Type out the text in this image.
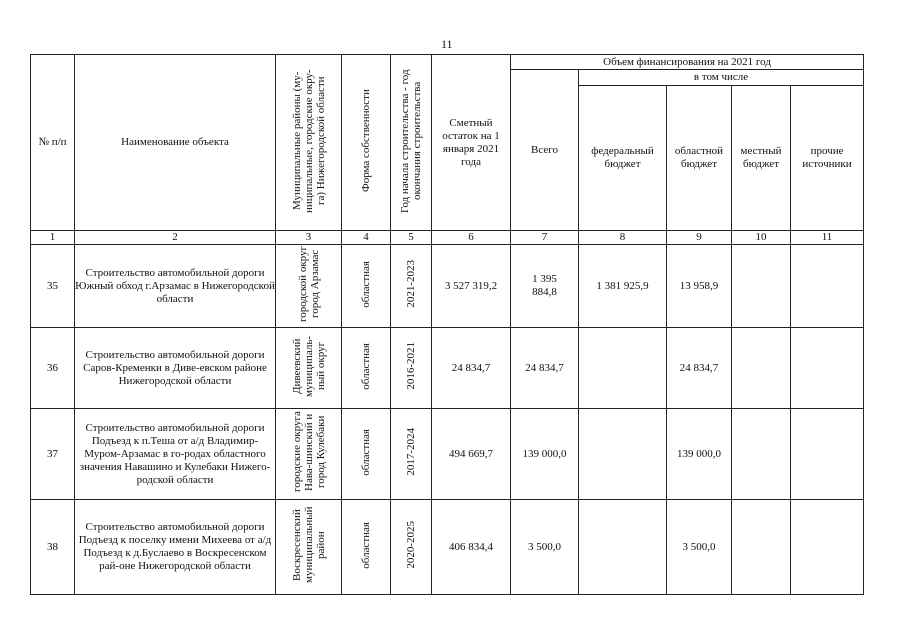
11
№ п/п	Наименование объекта	Муниципальные районы (му-ниципальные, городские окру-га) Нижегородской области	Форма собственности	Год начала строительства - год окончания строительства	Сметный остаток на 1 января 2021 года	Объем финансирования на 2021 год				
						Всего	в том числе			
							федеральный бюджет	областной бюджет	местный бюджет	прочие источники
1	2	3	4	5	6	7	8	9	10	11
35	Строительство автомобильной дороги Южный обход г.Арзамас в Нижегородской области	городской округ город Арзамас	областная	2021-2023	3 527 319,2	1 395 884,8	1 381 925,9	13 958,9		
36	Строительство автомобильной дороги Саров-Кременки в Диве-евском районе Нижегородской области	Дивеевский муниципаль-ный округ	областная	2016-2021	24 834,7	24 834,7		24 834,7		
37	Строительство автомобильной дороги Подъезд к п.Теша от а/д Владимир-Муром-Арзамас в го-родах областного значения Навашино и Кулебаки Нижего-родской области	городские округа Нава-шинский и город Кулебаки	областная	2017-2024	494 669,7	139 000,0		139 000,0		
38	Строительство автомобильной дороги Подъезд к поселку имени Михеева от а/д Подъезд к д.Буслаево в Воскресенском рай-оне Нижегородской области	Воскресенский муниципальный район	областная	2020-2025	406 834,4	3 500,0		3 500,0		
